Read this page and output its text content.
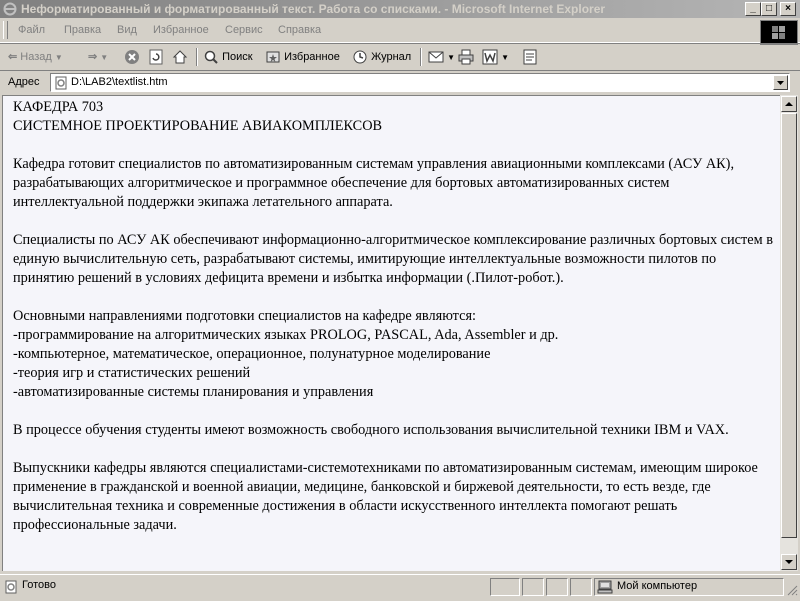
Неформатированный и форматированный текст. Работа со списками. - Microsoft Internet Explorer	_	□	×
Файл Правка Вид Избранное Сервис Справка
⇐ Назад ▼ ⇒ ▼	Поиск	Избранное	Журнал	▼	▼
Адрес	D:\LAB2\textlist.htm

КАФЕДРА 703

СИСТЕМНОЕ ПРОЕКТИРОВАНИЕ АВИАКОМПЛЕКСОВ

Кафедра готовит специалистов по автоматизированным системам управления авиационными комплексами (АСУ АК), разрабатывающих алгоритмическое и программное обеспечение для бортовых автоматизированных систем интеллектуальной поддержки экипажа летательного аппарата.

Специалисты по АСУ АК обеспечивают информационно-алгоритмическое комплексирование различных бортовых систем в единую вычислительную сеть, разрабатывают системы, имитирующие интеллектуальные возможности пилотов по принятию решений в условиях дефицита времени и избытка информации (.Пилот-робот.).

Основными направлениями подготовки специалистов на кафедре являются:

-программирование на алгоритмических языках PROLOG, PASCAL, Ada, Assembler и др.

-компьютерное, математическое, операционное, полунатурное моделирование

-теория игр и статистических решений

-автоматизированные системы планирования и управления

В процессе обучения студенты имеют возможность свободного использования вычислительной техники IBM и VAX.

Выпускники кафедры являются специалистами-системотехниками по автоматизированным системам, имеющим широкое применение в гражданской и военной авиации, медицине, банковской и биржевой деятельности, то есть везде, где вычислительная техника и современные достижения в области искусственного интеллекта помогают решать профессиональные задачи.

Готово	Мой компьютер
